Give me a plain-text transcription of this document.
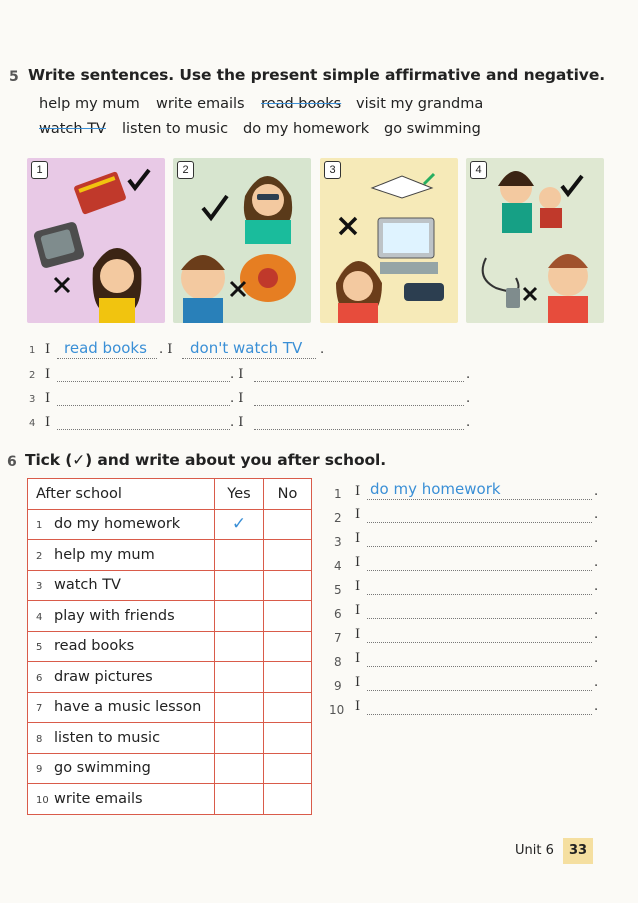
5 Write sentences. Use the present simple affirmative and negative.
help my mum write emails read books visit my grandma
watch TV listen to music do my homework go swimming
1	2	3	4
1 I read books . I don't watch TV .
2 I	. I	.
3 I	. I	.
4 I	. I	.
6 Tick (✓) and write about you after school.
After school	Yes	No
1 do my homework	✓	
2 help my mum		
3 watch TV		
4 play with friends		
5 read books		
6 draw pictures		
7 have a music lesson		
8 listen to music		
9 go swimming		
10 write emails		
1 I do my homework	.
2 I	.
3 I	.
4 I	.
5 I	.
6 I	.
7 I	.
8 I	.
9 I	.
10 I	.
Unit 6	33
